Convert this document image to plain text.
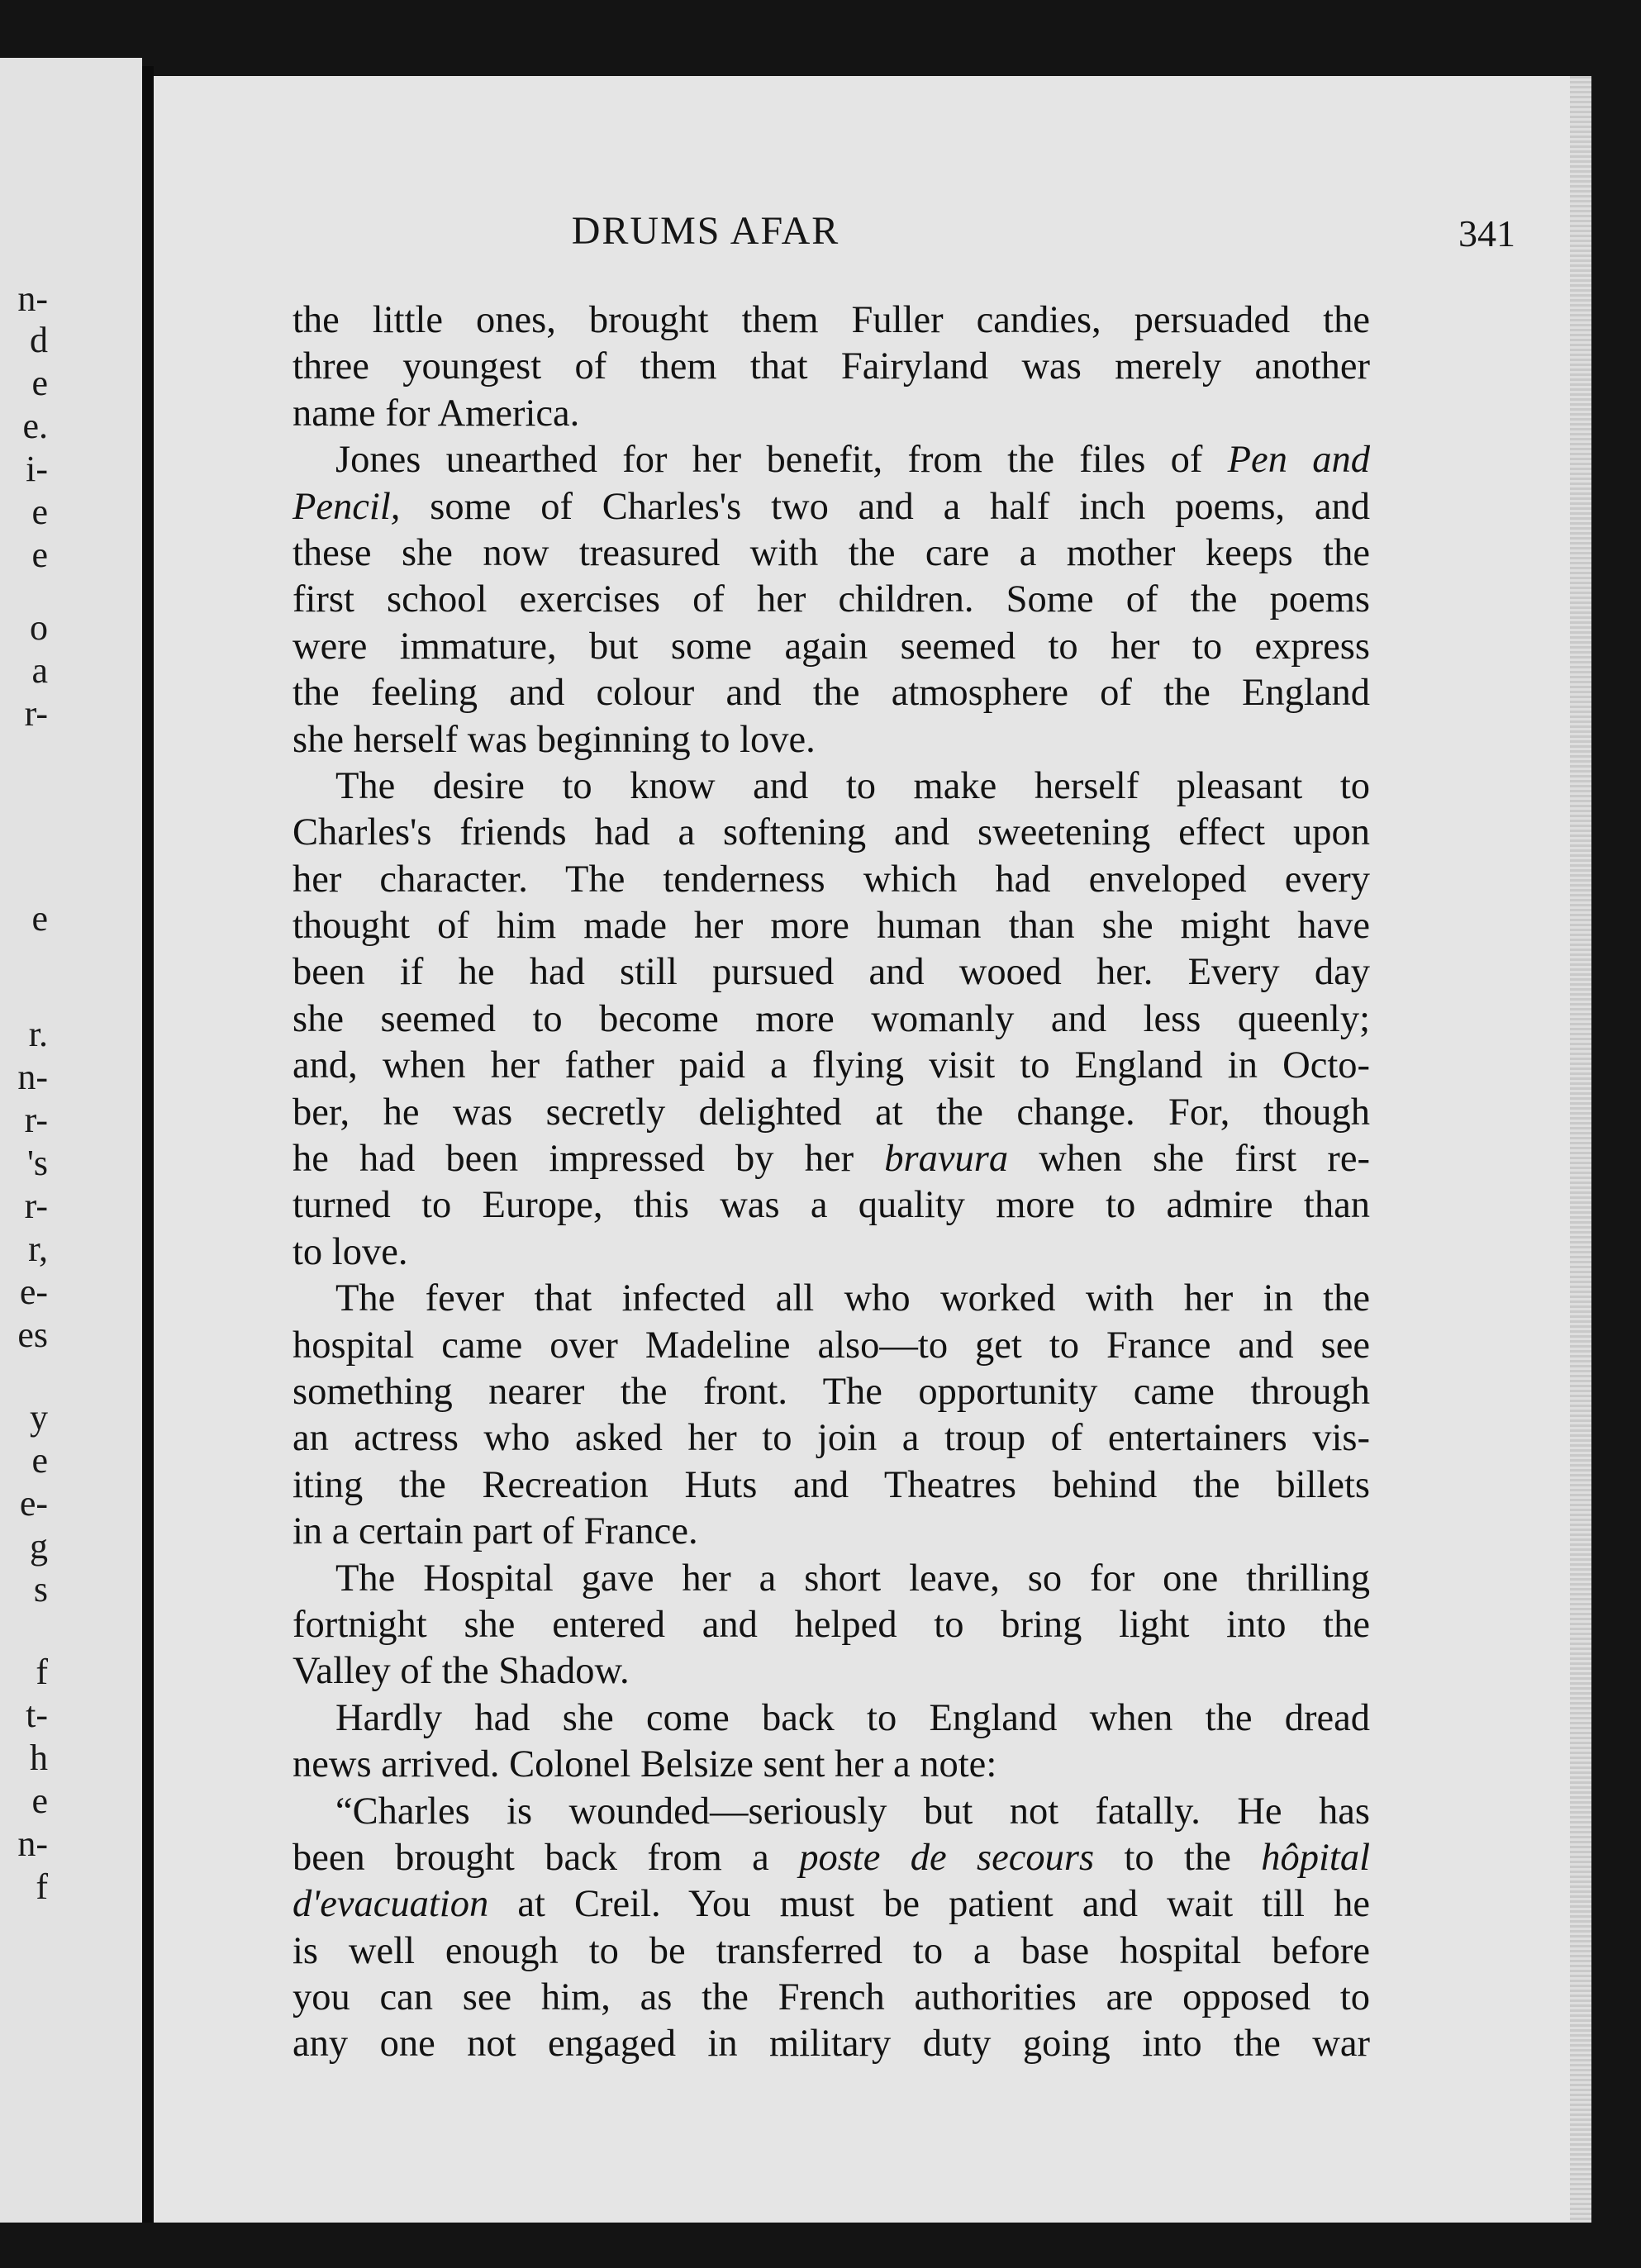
n-
d
e
e.
i-
e
e
o
a
r-
e
r.
n-
r-
's
r-
r,
e-
es
y
e
e-
g
s
f
t-
h
e
n-
f
DRUMS AFAR	341
the little ones, brought them Fuller candies, persuaded the
three youngest of them that Fairyland was merely another
name for America.
Jones unearthed for her benefit, from the files of Pen and
Pencil, some of Charles's two and a half inch poems, and
these she now treasured with the care a mother keeps the
first school exercises of her children. Some of the poems
were immature, but some again seemed to her to express
the feeling and colour and the atmosphere of the England
she herself was beginning to love.
The desire to know and to make herself pleasant to
Charles's friends had a softening and sweetening effect upon
her character. The tenderness which had enveloped every
thought of him made her more human than she might have
been if he had still pursued and wooed her. Every day
she seemed to become more womanly and less queenly;
and, when her father paid a flying visit to England in Octo-
ber, he was secretly delighted at the change. For, though
he had been impressed by her bravura when she first re-
turned to Europe, this was a quality more to admire than
to love.
The fever that infected all who worked with her in the
hospital came over Madeline also—to get to France and see
something nearer the front. The opportunity came through
an actress who asked her to join a troup of entertainers vis-
iting the Recreation Huts and Theatres behind the billets
in a certain part of France.
The Hospital gave her a short leave, so for one thrilling
fortnight she entered and helped to bring light into the
Valley of the Shadow.
Hardly had she come back to England when the dread
news arrived. Colonel Belsize sent her a note:
“Charles is wounded—seriously but not fatally. He has
been brought back from a poste de secours to the hôpital
d'evacuation at Creil. You must be patient and wait till he
is well enough to be transferred to a base hospital before
you can see him, as the French authorities are opposed to
any one not engaged in military duty going into the war
